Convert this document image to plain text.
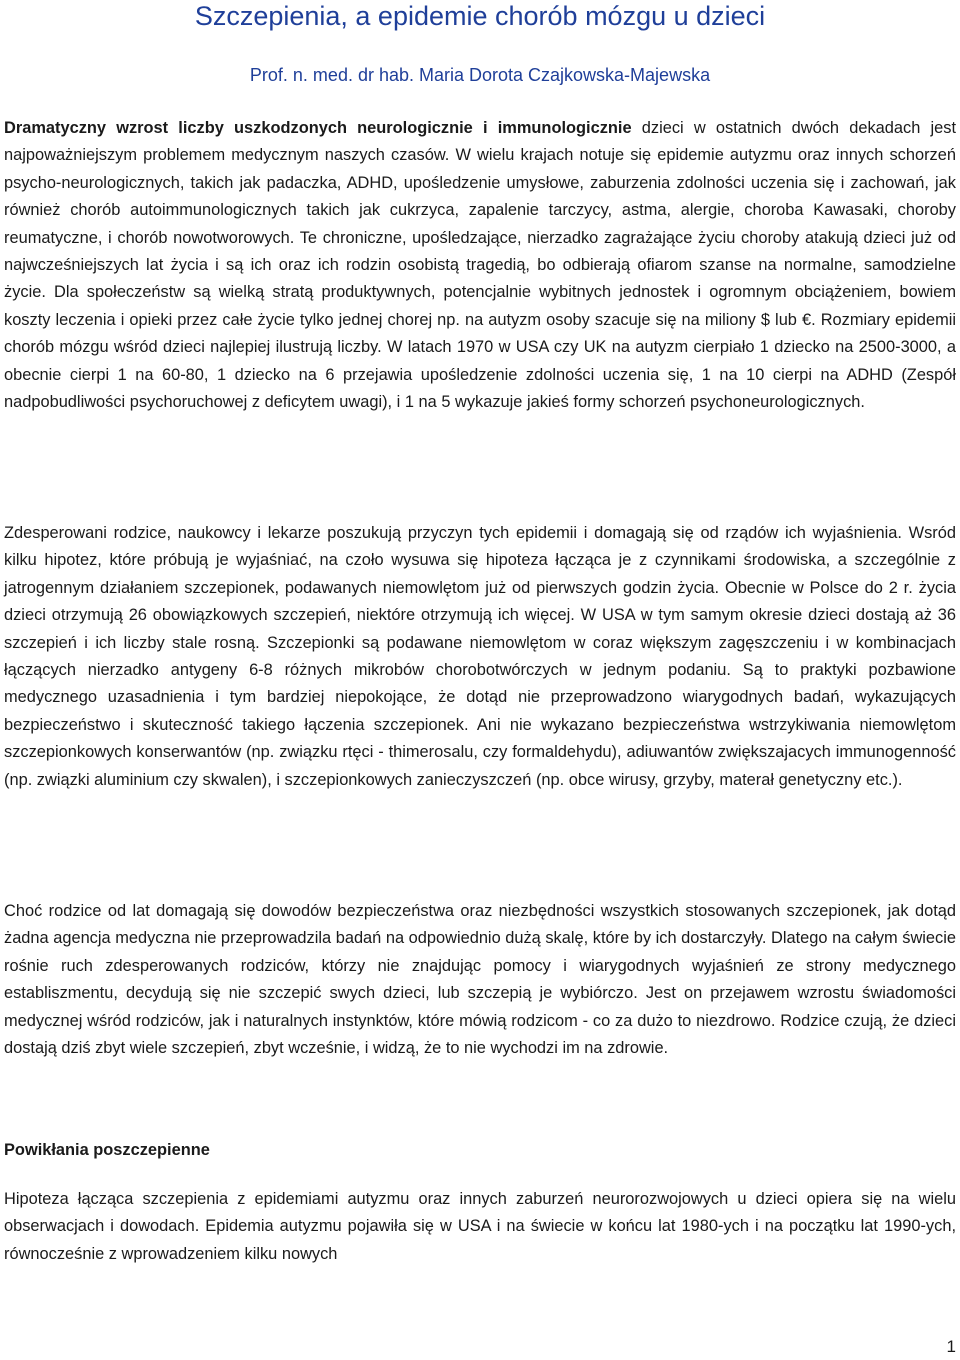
Szczepienia, a epidemie chorób mózgu u dzieci
Prof. n. med. dr hab. Maria Dorota Czajkowska-Majewska
Dramatyczny wzrost liczby uszkodzonych neurologicznie i immunologicznie dzieci w ostatnich dwóch dekadach jest najpoważniejszym problemem medycznym naszych czasów. W wielu krajach notuje się epidemie autyzmu oraz innych schorzeń psycho-neurologicznych, takich jak padaczka, ADHD, upośledzenie umysłowe, zaburzenia zdolności uczenia się i zachowań, jak również chorób autoimmunologicznych takich jak cukrzyca, zapalenie tarczycy, astma, alergie, choroba Kawasaki, choroby reumatyczne, i chorób nowotworowych. Te chroniczne, upośledzające, nierzadko zagrażające życiu choroby atakują dzieci już od najwcześniejszych lat życia i są ich oraz ich rodzin osobistą tragedią, bo odbierają ofiarom szanse na normalne, samodzielne życie. Dla społeczeństw są wielką stratą produktywnych, potencjalnie wybitnych jednostek i ogromnym obciążeniem, bowiem koszty leczenia i opieki przez całe życie tylko jednej chorej np. na autyzm osoby szacuje się na miliony $ lub €. Rozmiary epidemii chorób mózgu wśród dzieci najlepiej ilustrują liczby. W latach 1970 w USA czy UK na autyzm cierpiało 1 dziecko na 2500-3000, a obecnie cierpi 1 na 60-80, 1 dziecko na 6 przejawia upośledzenie zdolności uczenia się, 1 na 10 cierpi na ADHD (Zespół nadpobudliwości psychoruchowej z deficytem uwagi), i 1 na 5 wykazuje jakieś formy schorzeń psychoneurologicznych.
Zdesperowani rodzice, naukowcy i lekarze poszukują przyczyn tych epidemii i domagają się od rządów ich wyjaśnienia. Wsród kilku hipotez, które próbują je wyjaśniać, na czoło wysuwa się hipoteza łącząca je z czynnikami środowiska, a szczególnie z jatrogennym działaniem szczepionek, podawanych niemowlętom już od pierwszych godzin życia. Obecnie w Polsce do 2 r. życia dzieci otrzymują 26 obowiązkowych szczepień, niektóre otrzymują ich więcej. W USA w tym samym okresie dzieci dostają aż 36 szczepień i ich liczby stale rosną. Szczepionki są podawane niemowlętom w coraz większym zagęszczeniu i w kombinacjach łączących nierzadko antygeny 6-8 różnych mikrobów chorobotwórczych w jednym podaniu. Są to praktyki pozbawione medycznego uzasadnienia i tym bardziej niepokojące, że dotąd nie przeprowadzono wiarygodnych badań, wykazujących bezpieczeństwo i skuteczność takiego łączenia szczepionek. Ani nie wykazano bezpieczeństwa wstrzykiwania niemowlętom szczepionkowych konserwantów (np. związku rtęci - thimerosalu, czy formaldehydu), adiuwantów zwiększajacych immunogenność (np. związki aluminium czy skwalen), i szczepionkowych zanieczyszczeń (np. obce wirusy, grzyby, materał genetyczny etc.).
Choć rodzice od lat domagają się dowodów bezpieczeństwa oraz niezbędności wszystkich stosowanych szczepionek, jak dotąd żadna agencja medyczna nie przeprowadzila badań na odpowiednio dużą skalę, które by ich dostarczyły. Dlatego na całym świecie rośnie ruch zdesperowanych rodziców, którzy nie znajdując pomocy i wiarygodnych wyjaśnień ze strony medycznego establiszmentu, decydują się nie szczepić swych dzieci, lub szczepią je wybiórczo. Jest on przejawem wzrostu świadomości medycznej wśród rodziców, jak i naturalnych instynktów, które mówią rodzicom - co za dużo to niezdrowo. Rodzice czują, że dzieci dostają dziś zbyt wiele szczepień, zbyt wcześnie, i widzą, że to nie wychodzi im na zdrowie.
Powikłania poszczepienne
Hipoteza łącząca szczepienia z epidemiami autyzmu oraz innych zaburzeń neurorozwojowych u dzieci opiera się na wielu obserwacjach i dowodach. Epidemia autyzmu pojawiła się w USA i na świecie w końcu lat 1980-ych i na początku lat 1990-ych, równocześnie z wprowadzeniem kilku nowych
1
